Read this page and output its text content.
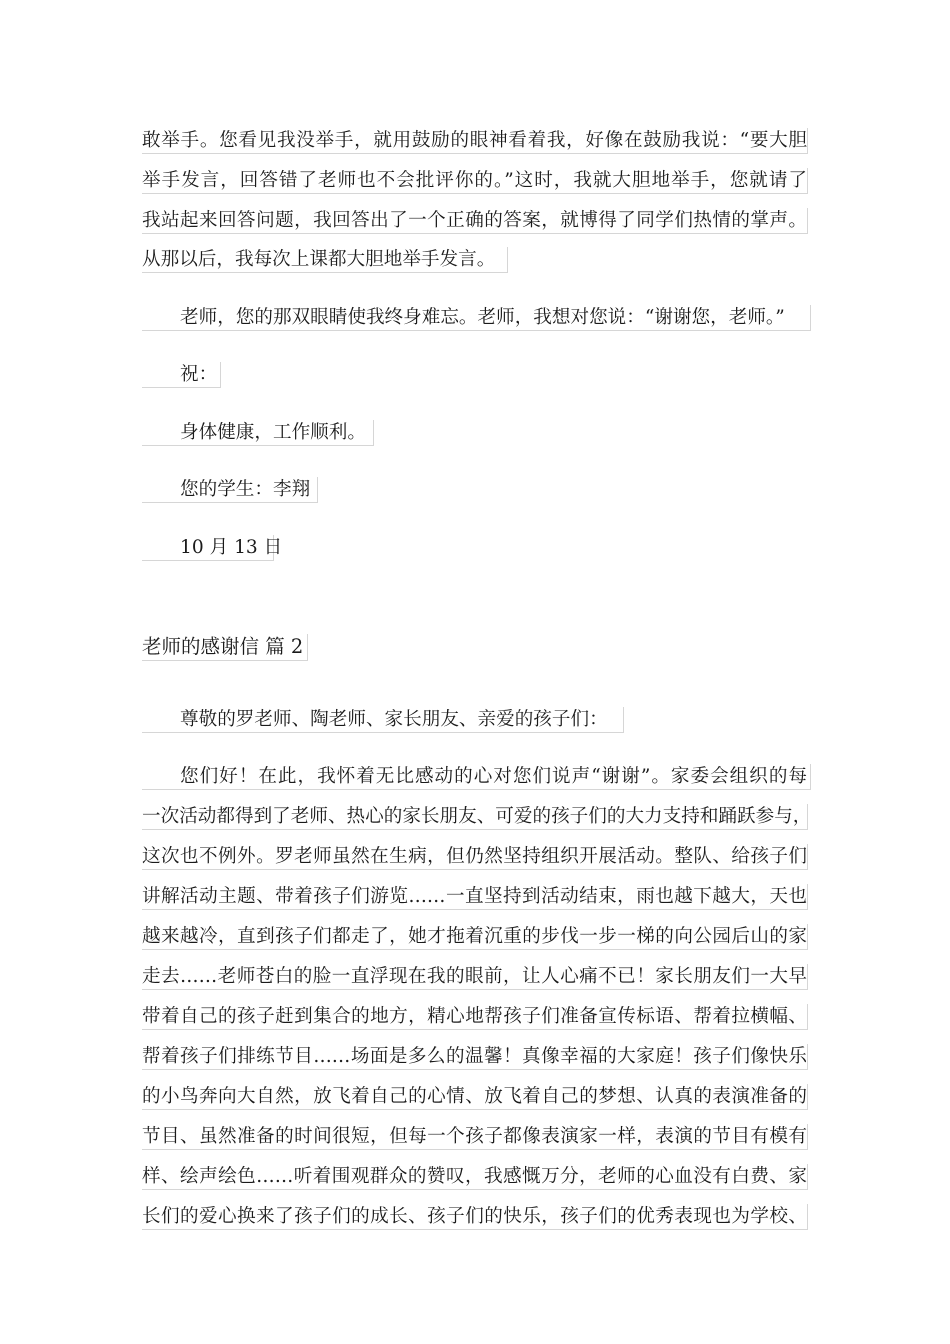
敢举手。您看见我没举手，就用鼓励的眼神看着我，好像在鼓励我说：“要大胆
举手发言，回答错了老师也不会批评你的。”这时，我就大胆地举手，您就请了
我站起来回答问题，我回答出了一个正确的答案，就博得了同学们热情的掌声。
从那以后，我每次上课都大胆地举手发言。
老师，您的那双眼睛使我终身难忘。老师，我想对您说：“谢谢您，老师。”
祝：
身体健康，工作顺利。
您的学生：李翔
10 月 13 日
老师的感谢信 篇 2
尊敬的罗老师、陶老师、家长朋友、亲爱的孩子们：
您们好！在此，我怀着无比感动的心对您们说声“谢谢”。家委会组织的每
一次活动都得到了老师、热心的家长朋友、可爱的孩子们的大力支持和踊跃参与，
这次也不例外。罗老师虽然在生病，但仍然坚持组织开展活动。整队、给孩子们
讲解活动主题、带着孩子们游览……一直坚持到活动结束，雨也越下越大，天也
越来越冷，直到孩子们都走了，她才拖着沉重的步伐一步一梯的向公园后山的家
走去……老师苍白的脸一直浮现在我的眼前，让人心痛不已！家长朋友们一大早
带着自己的孩子赶到集合的地方，精心地帮孩子们准备宣传标语、帮着拉横幅、
帮着孩子们排练节目……场面是多么的温馨！真像幸福的大家庭！孩子们像快乐
的小鸟奔向大自然，放飞着自己的心情、放飞着自己的梦想、认真的表演准备的
节目、虽然准备的时间很短，但每一个孩子都像表演家一样，表演的节目有模有
样、绘声绘色……听着围观群众的赞叹，我感慨万分，老师的心血没有白费、家
长们的爱心换来了孩子们的成长、孩子们的快乐，孩子们的优秀表现也为学校、
